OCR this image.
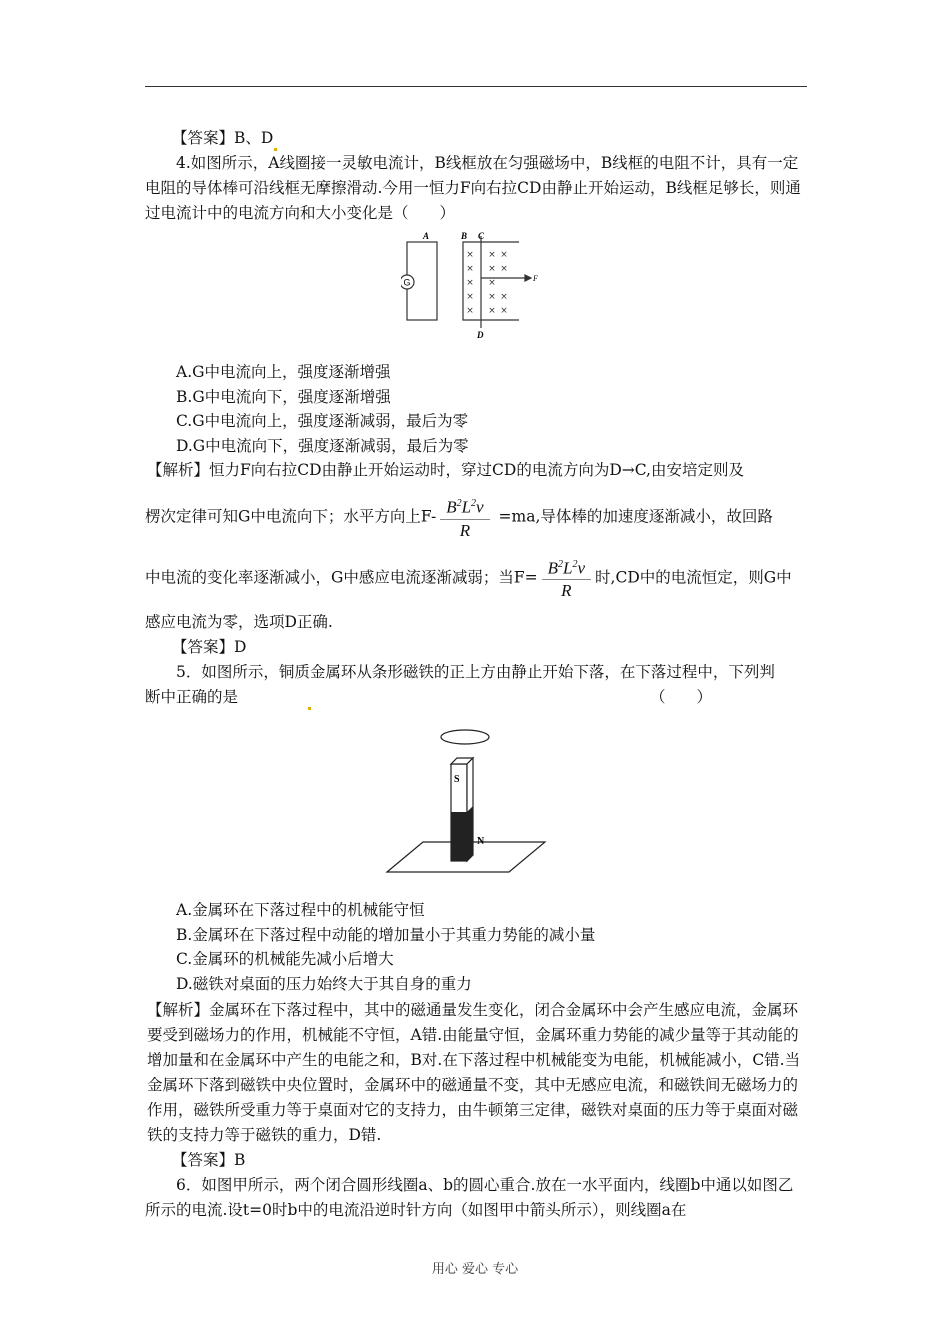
【答案】B、D

4.如图所示，A线圈接一灵敏电流计，B线框放在匀强磁场中，B线框的电阻不计，具有一定电阻的导体棒可沿线框无摩擦滑动.今用一恒力F向右拉CD由静止开始运动，B线框足够长，则通过电流计中的电流方向和大小变化是（　　）

G
A	B C
D
F
×
×
×
×
×
×
×
×
×
×
×
×
×
×

A.G中电流向上，强度逐渐增强

B.G中电流向下，强度逐渐增强

C.G中电流向上，强度逐渐减弱，最后为零

D.G中电流向下，强度逐渐减弱，最后为零

【解析】恒力F向右拉CD由静止开始运动时，穿过CD的电流方向为D→C,由安培定则及

楞次定律可知G中电流向下；水平方向上$F- \frac{B^2L^2v}{R} =ma$,导体棒的加速度逐渐减小，故回路

中电流的变化率逐渐减小，G中感应电流逐渐减弱；当$F= \frac{B^2L^2v}{R}$ 时,CD中的电流恒定，则G中

感应电流为零，选项D正确.

【答案】D

5．如图所示，铜质金属环从条形磁铁的正上方由静止开始下落，在下落过程中，下列判

断中正确的是	（　　）

S
N

A.金属环在下落过程中的机械能守恒

B.金属环在下落过程中动能的增加量小于其重力势能的减小量

C.金属环的机械能先减小后增大

D.磁铁对桌面的压力始终大于其自身的重力

【解析】金属环在下落过程中，其中的磁通量发生变化，闭合金属环中会产生感应电流，金属环要受到磁场力的作用，机械能不守恒，A错.由能量守恒，金属环重力势能的减少量等于其动能的增加量和在金属环中产生的电能之和，B对.在下落过程中机械能变为电能，机械能减小，C错.当金属环下落到磁铁中央位置时，金属环中的磁通量不变，其中无感应电流，和磁铁间无磁场力的作用，磁铁所受重力等于桌面对它的支持力，由牛顿第三定律，磁铁对桌面的压力等于桌面对磁铁的支持力等于磁铁的重力，D错.

【答案】B

6．如图甲所示，两个闭合圆形线圈a、b的圆心重合.放在一水平面内，线圈b中通以如图乙所示的电流.设t=0时b中的电流沿逆时针方向（如图甲中箭头所示），则线圈a在

用心 爱心 专心
